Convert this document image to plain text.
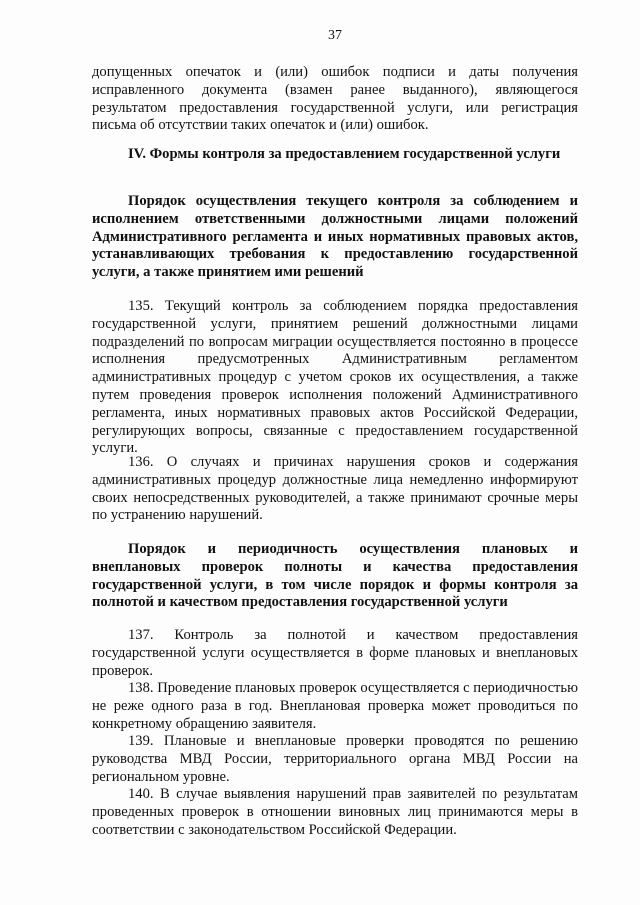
37
допущенных опечаток и (или) ошибок подписи и даты получения исправленного документа (взамен ранее выданного), являющегося результатом предоставления государственной услуги, или регистрация письма об отсутствии таких опечаток и (или) ошибок.
IV. Формы контроля за предоставлением государственной услуги
Порядок осуществления текущего контроля за соблюдением и исполнением ответственными должностными лицами положений Административного регламента и иных нормативных правовых актов, устанавливающих требования к предоставлению государственной услуги, а также принятием ими решений
135. Текущий контроль за соблюдением порядка предоставления государственной услуги, принятием решений должностными лицами подразделений по вопросам миграции осуществляется постоянно в процессе исполнения предусмотренных Административным регламентом административных процедур с учетом сроков их осуществления, а также путем проведения проверок исполнения положений Административного регламента, иных нормативных правовых актов Российской Федерации, регулирующих вопросы, связанные с предоставлением государственной услуги.
136. О случаях и причинах нарушения сроков и содержания административных процедур должностные лица немедленно информируют своих непосредственных руководителей, а также принимают срочные меры по устранению нарушений.
Порядок и периодичность осуществления плановых и внеплановых проверок полноты и качества предоставления государственной услуги, в том числе порядок и формы контроля за полнотой и качеством предоставления государственной услуги
137. Контроль за полнотой и качеством предоставления государственной услуги осуществляется в форме плановых и внеплановых проверок.
138. Проведение плановых проверок осуществляется с периодичностью не реже одного раза в год. Внеплановая проверка может проводиться по конкретному обращению заявителя.
139. Плановые и внеплановые проверки проводятся по решению руководства МВД России, территориального органа МВД России на региональном уровне.
140. В случае выявления нарушений прав заявителей по результатам проведенных проверок в отношении виновных лиц принимаются меры в соответствии с законодательством Российской Федерации.
